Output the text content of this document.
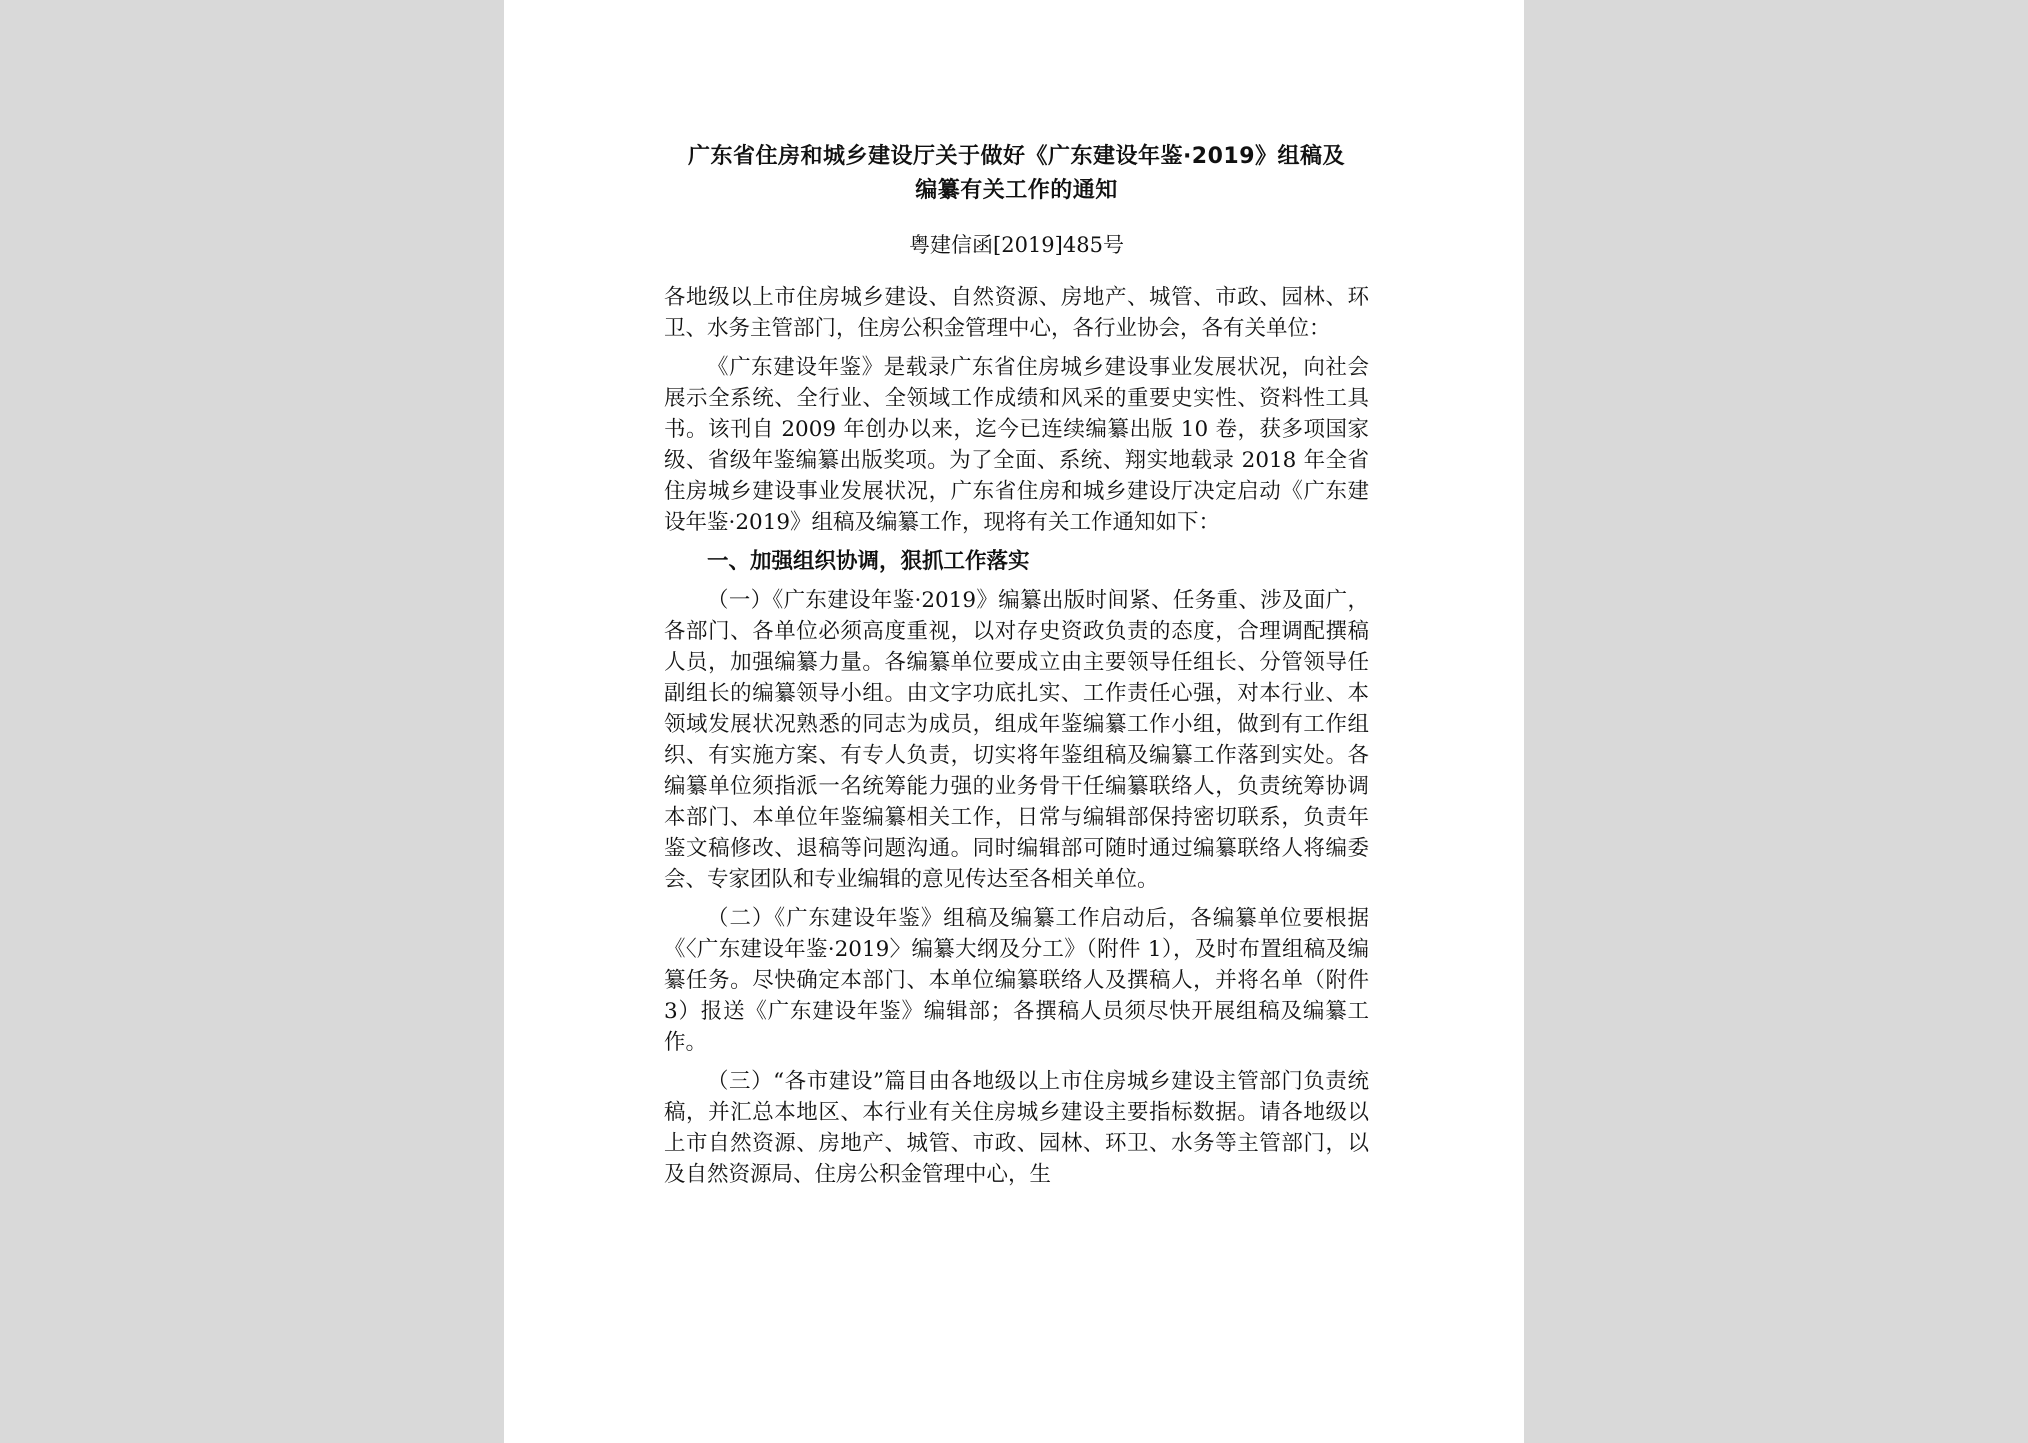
广东省住房和城乡建设厅关于做好《广东建设年鉴·2019》组稿及
编纂有关工作的通知
粤建信函[2019]485号

各地级以上市住房城乡建设、自然资源、房地产、城管、市政、园林、环卫、水务主管部门，住房公积金管理中心，各行业协会，各有关单位：

《广东建设年鉴》是载录广东省住房城乡建设事业发展状况，向社会展示全系统、全行业、全领域工作成绩和风采的重要史实性、资料性工具书。该刊自 2009 年创办以来，迄今已连续编纂出版 10 卷，获多项国家级、省级年鉴编纂出版奖项。为了全面、系统、翔实地载录 2018 年全省住房城乡建设事业发展状况，广东省住房和城乡建设厅决定启动《广东建设年鉴·2019》组稿及编纂工作，现将有关工作通知如下：

一、加强组织协调，狠抓工作落实

（一）《广东建设年鉴·2019》编纂出版时间紧、任务重、涉及面广，各部门、各单位必须高度重视，以对存史资政负责的态度，合理调配撰稿人员，加强编纂力量。各编纂单位要成立由主要领导任组长、分管领导任副组长的编纂领导小组。由文字功底扎实、工作责任心强，对本行业、本领域发展状况熟悉的同志为成员，组成年鉴编纂工作小组，做到有工作组织、有实施方案、有专人负责，切实将年鉴组稿及编纂工作落到实处。各编纂单位须指派一名统筹能力强的业务骨干任编纂联络人，负责统筹协调本部门、本单位年鉴编纂相关工作，日常与编辑部保持密切联系，负责年鉴文稿修改、退稿等问题沟通。同时编辑部可随时通过编纂联络人将编委会、专家团队和专业编辑的意见传达至各相关单位。

（二）《广东建设年鉴》组稿及编纂工作启动后，各编纂单位要根据《〈广东建设年鉴·2019〉编纂大纲及分工》（附件 1），及时布置组稿及编纂任务。尽快确定本部门、本单位编纂联络人及撰稿人，并将名单（附件 3）报送《广东建设年鉴》编辑部；各撰稿人员须尽快开展组稿及编纂工作。

（三）“各市建设”篇目由各地级以上市住房城乡建设主管部门负责统稿，并汇总本地区、本行业有关住房城乡建设主要指标数据。请各地级以上市自然资源、房地产、城管、市政、园林、环卫、水务等主管部门，以及自然资源局、住房公积金管理中心，生
